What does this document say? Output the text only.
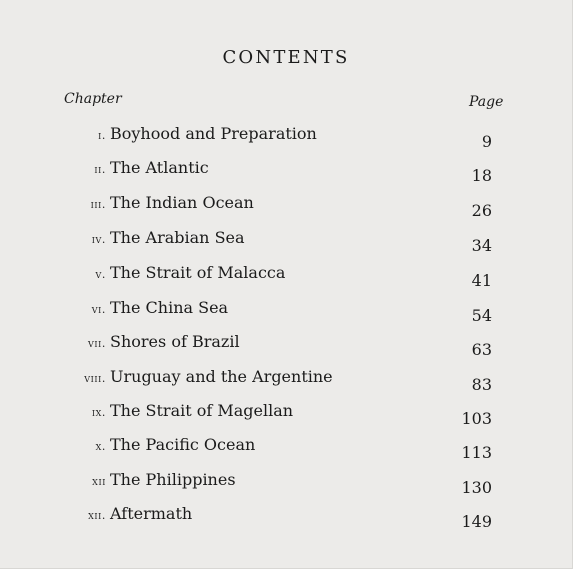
CONTENTS
Chapter	Page
i. Boyhood and Preparation	9
ii. The Atlantic	18
iii. The Indian Ocean	26
iv. The Arabian Sea	34
v. The Strait of Malacca	41
vi. The China Sea	54
vii. Shores of Brazil	63
viii. Uruguay and the Argentine	83
ix. The Strait of Magellan	103
x. The Pacific Ocean	113
xii The Philippines	130
xii. Aftermath	149
